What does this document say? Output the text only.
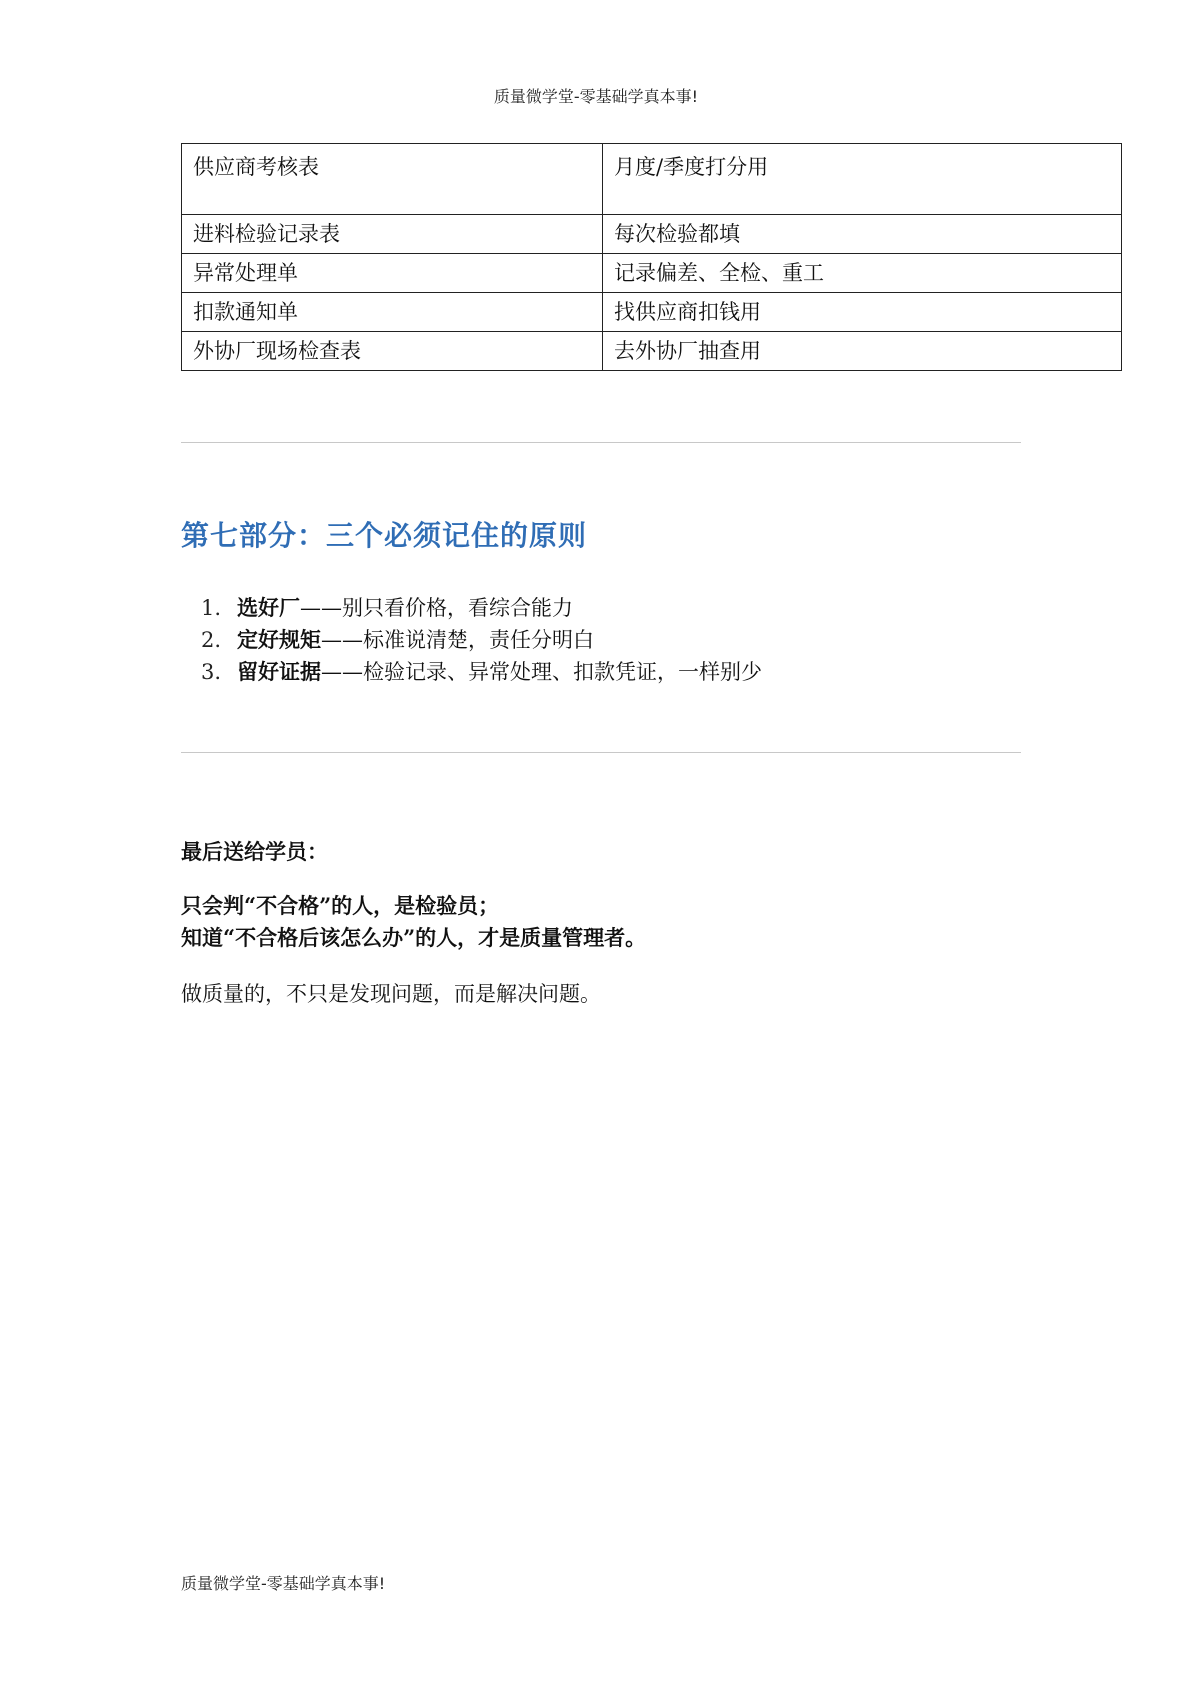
质量微学堂-零基础学真本事!
供应商考核表	月度/季度打分用
进料检验记录表	每次检验都填
异常处理单	记录偏差、全检、重工
扣款通知单	找供应商扣钱用
外协厂现场检查表	去外协厂抽查用
第七部分：三个必须记住的原则
1. 选好厂——别只看价格，看综合能力
2. 定好规矩——标准说清楚，责任分明白
3. 留好证据——检验记录、异常处理、扣款凭证，一样别少
最后送给学员：
只会判“不合格”的人，是检验员；
知道“不合格后该怎么办”的人，才是质量管理者。
做质量的，不只是发现问题，而是解决问题。
质量微学堂-零基础学真本事!
